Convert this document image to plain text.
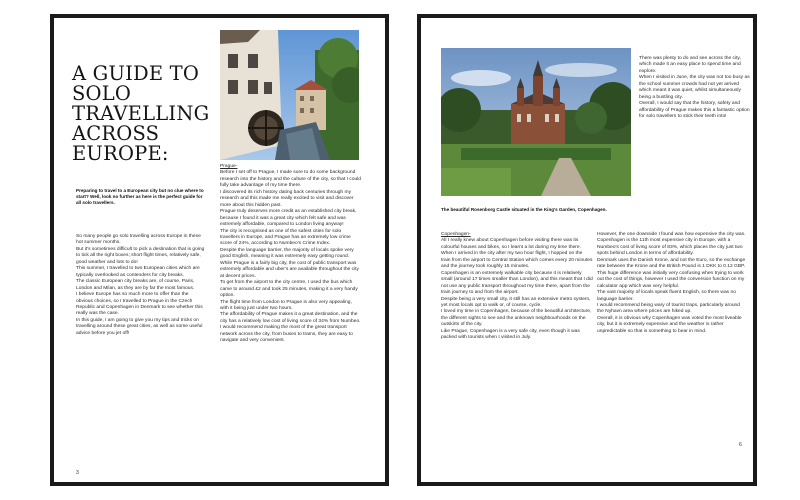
A GUIDE TO SOLO TRAVELLING ACROSS EUROPE:
Preparing to travel to a European city but no clue where to start? Well, look no further as here is the perfect guide for all solo travellers.

So many people go solo travelling across Europe in these hot summer months.

But it's sometimes difficult to pick a destination that is going to tick all the right boxes; short flight times, relatively safe, good weather and lots to do!

This summer, I travelled to two European cities which are typically overlooked as contenders for city breaks.

The classic European city breaks are, of course, Paris, London and Milan, as they are by far the most famous.

I believe Europe has so much more to offer than the obvious choices, so I travelled to Prague in the Czech Republic and Copenhagen in Denmark to see whether this really was the case.

In this guide, I am going to give you my tips and tricks on travelling around these great cities, as well as some useful advice before you jet off!

Prague-

Before I set off to Prague, I made sure to do some background research into the history and the culture of the city, so that I could fully take advantage of my time there.

I discovered its rich history dating back centuries through my research and this made me really excited to visit and discover more about this hidden past.

Prague truly deserves more credit as an established city break, because I found it was a great city which felt safe and was extremely affordable, compared to London living anyway!

The city is recognised as one of the safest cities for solo travellers in Europe, and Prague has an extremely low crime score of 24%, according to Numbeo's Crime Index.

Despite the language barrier, the majority of locals spoke very good English, meaning it was extremely easy getting round.

While Prague is a fairly big city, the cost of public transport was extremely affordable and uber's are available throughout the city at decent prices.

To get from the airport to the city centre, I used the bus which came to around £2 and took 25 minutes, making it a very handy option.

The flight time from London to Prague is also very appealing, with it being just under two hours.

The affordability of Prague makes it a great destination, and the city has a relatively low cost of living score of 34% from Numbeo.

I would recommend making the most of the great transport network across the city, from buses to trams, they are easy to navigate and very convenient.

3

There was plenty to do and see across the city, which made it an easy place to spend time and explore.

When I visited in June, the city was not too busy as the school summer crowds had not yet arrived which meant it was quiet, whilst simultaneously being a bustling city.

Overall, I would say that the history, safety and affordability of Prague makes this a fantastic option for solo travellers to stick their teeth into!

The beautiful Rosenborg Castle situated in the King's Garden, Copenhagen.

Copenhagen-

All I really knew about Copenhagen before visiting there was its colourful houses and bikes, so I learnt a lot during my time there.

When I arrived in the city after my two hour flight, I hopped on the train from the airport to Central Station which comes every 20 minutes and the journey took roughly 15 minutes.

Copenhagen is an extremely walkable city because it is relatively small (around 17 times smaller than London), and this meant that I did not use any public transport throughout my time there, apart from the train journey to and from the airport.

Despite being a very small city, it still has an extensive metro system, yet most locals opt to walk or, of course, cycle.

I loved my time in Copenhagen, because of the beautiful architecture, the different sights to see and the unknown neighbourhoods on the outskirts of the city.

Like Prague, Copenhagen is a very safe city, even though it was packed with tourists when I visited in July.

However, the one downside I found was how expensive the city was.

Copenhagen is the 11th most expensive city in Europe, with a Numbeo's cost of living score of 83%, which places the city just two spots behind London in terms of affordability.

Denmark uses the Danish Krone, and not the Euro, so the exchange rate between the Krone and the British Pound is 1 DKK to 0.12 GBP.

This huge difference was initially very confusing when trying to work out the cost of things, however I used the conversion function on my calculator app which was very helpful.

The vast majority of locals speak fluent English, so there was no language barrier.

I would recommend being wary of tourist traps, particularly around the Nyhavn area where prices are hiked up.

Overall, it is obvious why Copenhagen was voted the most liveable city, but it is extremely expensive and the weather is rather unpredictable so that is something to bear in mind.

6
